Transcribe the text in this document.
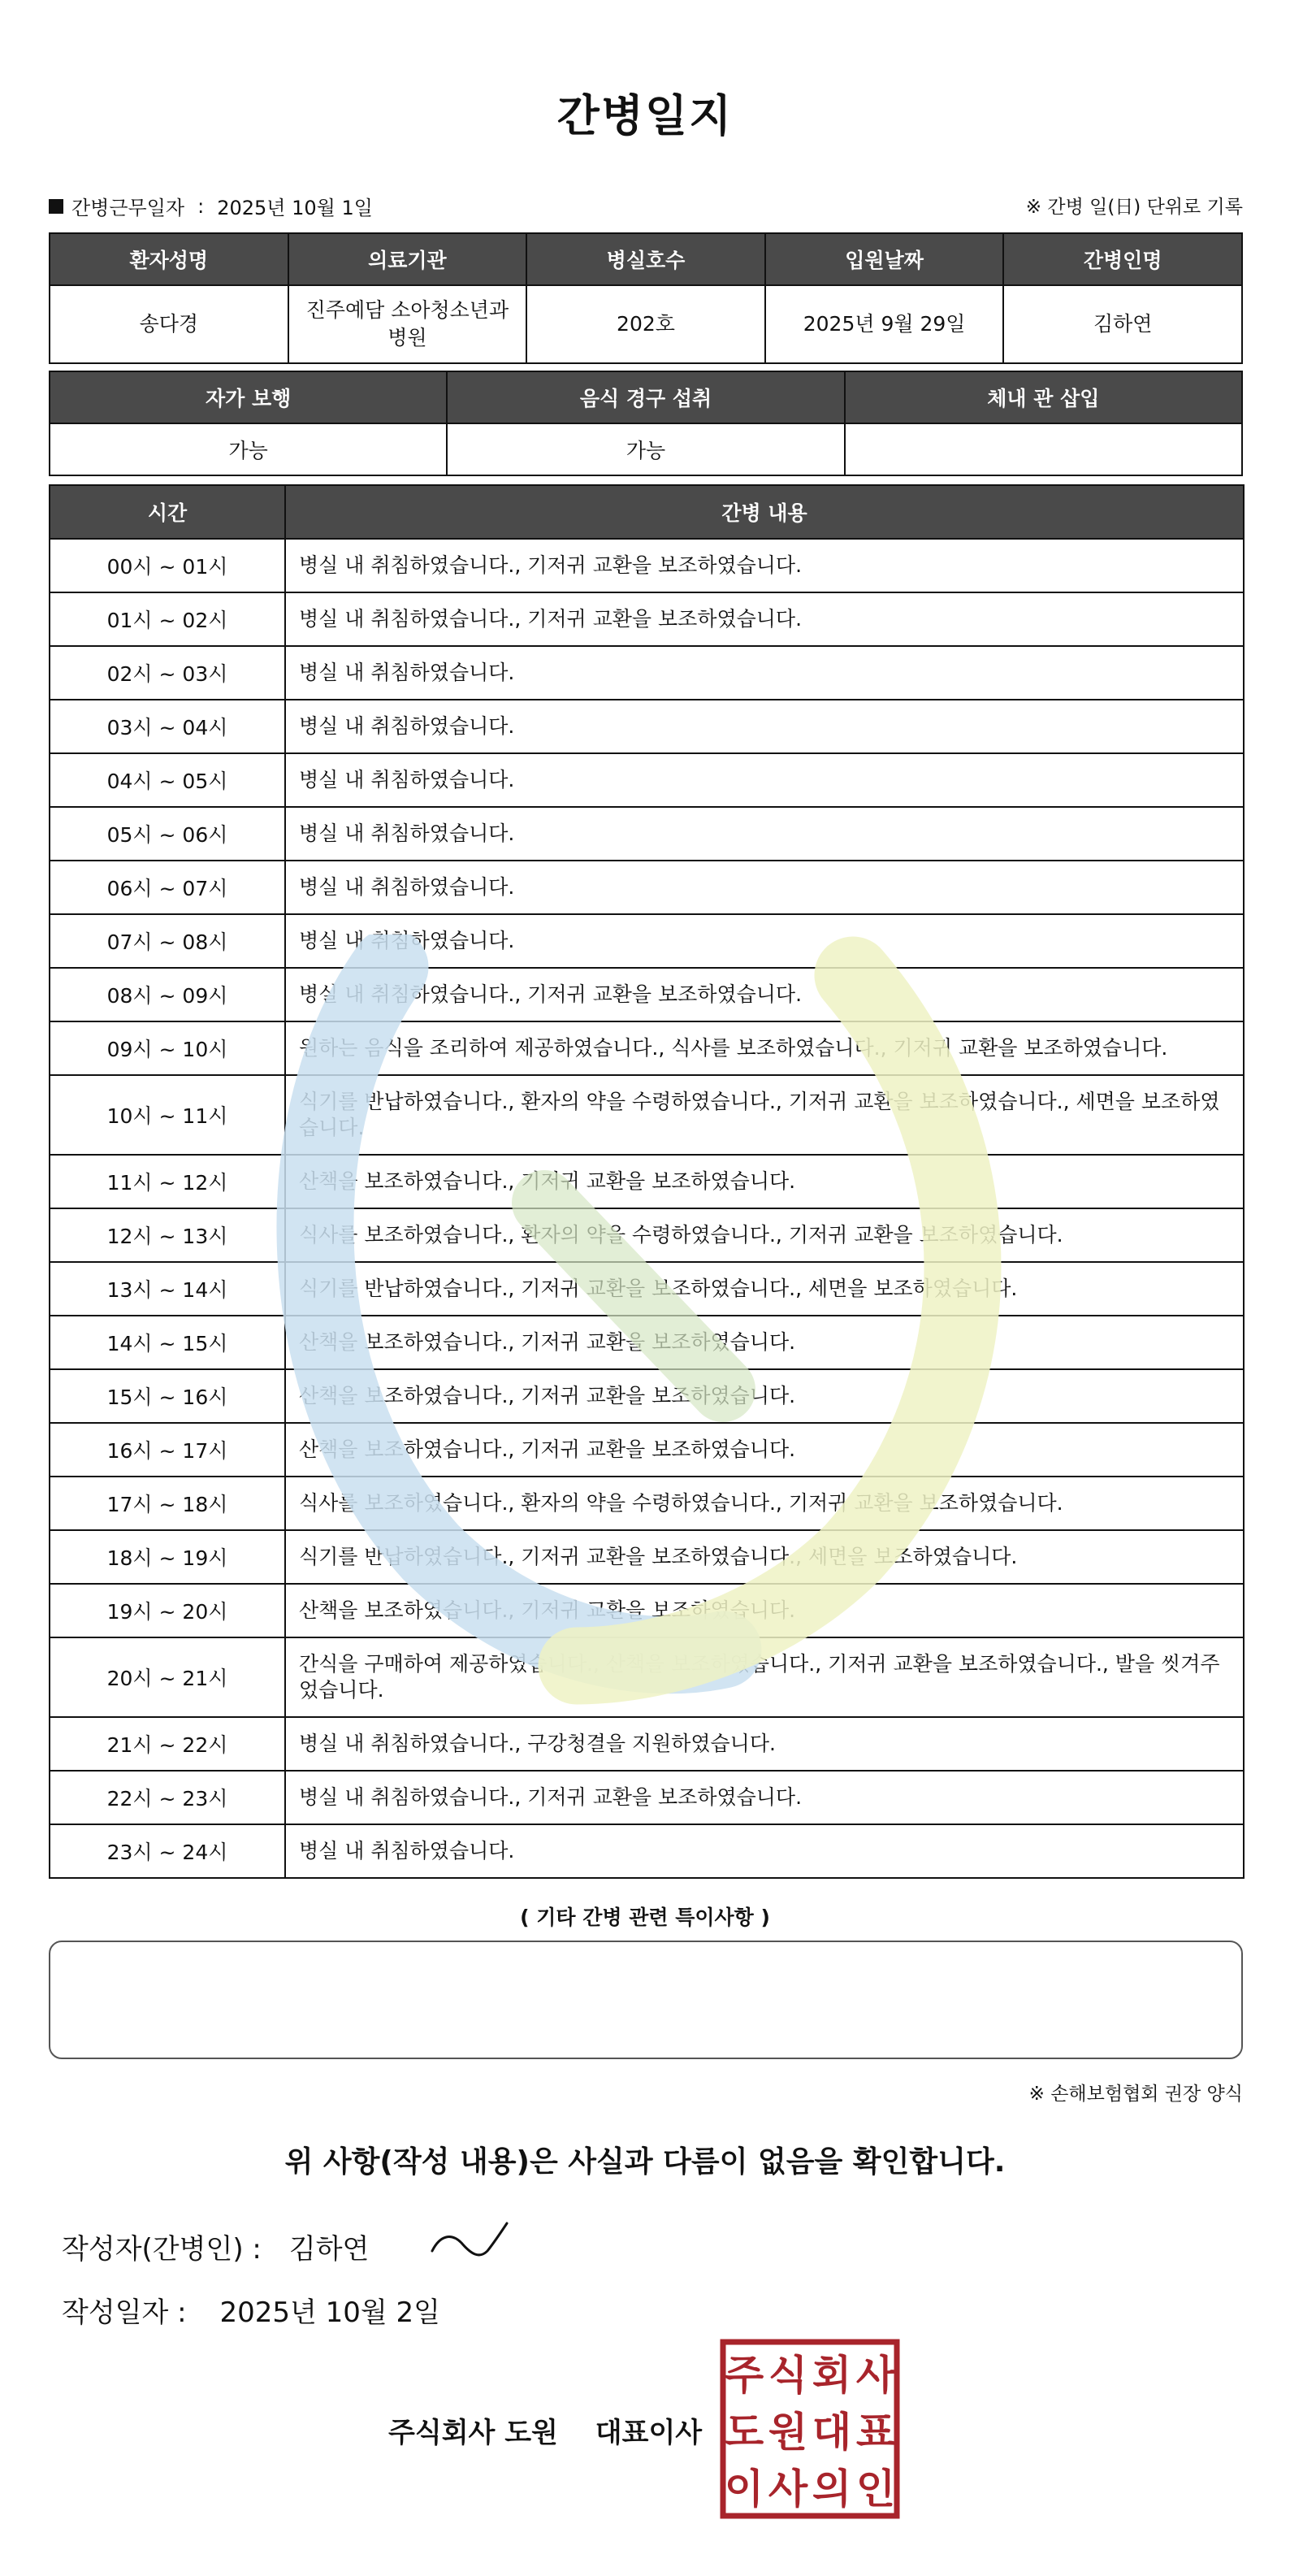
간병일지
간병근무일자 : 2025년 10월 1일	※ 간병 일(日) 단위로 기록
환자성명	의료기관	병실호수	입원날짜	간병인명
송다경	진주예담 소아청소년과 병원	202호	2025년 9월 29일	김하연
자가 보행	음식 경구 섭취	체내 관 삽입
가능	가능	
시간	간병 내용
00시 ~ 01시	병실 내 취침하였습니다., 기저귀 교환을 보조하였습니다.
01시 ~ 02시	병실 내 취침하였습니다., 기저귀 교환을 보조하였습니다.
02시 ~ 03시	병실 내 취침하였습니다.
03시 ~ 04시	병실 내 취침하였습니다.
04시 ~ 05시	병실 내 취침하였습니다.
05시 ~ 06시	병실 내 취침하였습니다.
06시 ~ 07시	병실 내 취침하였습니다.
07시 ~ 08시	병실 내 취침하였습니다.
08시 ~ 09시	병실 내 취침하였습니다., 기저귀 교환을 보조하였습니다.
09시 ~ 10시	원하는 음식을 조리하여 제공하였습니다., 식사를 보조하였습니다., 기저귀 교환을 보조하였습니다.
10시 ~ 11시	식기를 반납하였습니다., 환자의 약을 수령하였습니다., 기저귀 교환을 보조하였습니다., 세면을 보조하였습니다.
11시 ~ 12시	산책을 보조하였습니다., 기저귀 교환을 보조하였습니다.
12시 ~ 13시	식사를 보조하였습니다., 환자의 약을 수령하였습니다., 기저귀 교환을 보조하였습니다.
13시 ~ 14시	식기를 반납하였습니다., 기저귀 교환을 보조하였습니다., 세면을 보조하였습니다.
14시 ~ 15시	산책을 보조하였습니다., 기저귀 교환을 보조하였습니다.
15시 ~ 16시	산책을 보조하였습니다., 기저귀 교환을 보조하였습니다.
16시 ~ 17시	산책을 보조하였습니다., 기저귀 교환을 보조하였습니다.
17시 ~ 18시	식사를 보조하였습니다., 환자의 약을 수령하였습니다., 기저귀 교환을 보조하였습니다.
18시 ~ 19시	식기를 반납하였습니다., 기저귀 교환을 보조하였습니다., 세면을 보조하였습니다.
19시 ~ 20시	산책을 보조하였습니다., 기저귀 교환을 보조하였습니다.
20시 ~ 21시	간식을 구매하여 제공하였습니다., 산책을 보조하였습니다., 기저귀 교환을 보조하였습니다., 발을 씻겨주었습니다.
21시 ~ 22시	병실 내 취침하였습니다., 구강청결을 지원하였습니다.
22시 ~ 23시	병실 내 취침하였습니다., 기저귀 교환을 보조하였습니다.
23시 ~ 24시	병실 내 취침하였습니다.
( 기타 간병 관련 특이사항 )
※ 손해보험협회 권장 양식
위 사항(작성 내용)은 사실과 다름이 없음을 확인합니다.
작성자(간병인) : 김하연
작성일자 : 2025년 10월 2일
주식회사 도원 대표이사
주 식 회 사
도 원 대 표
이 사 의 인
